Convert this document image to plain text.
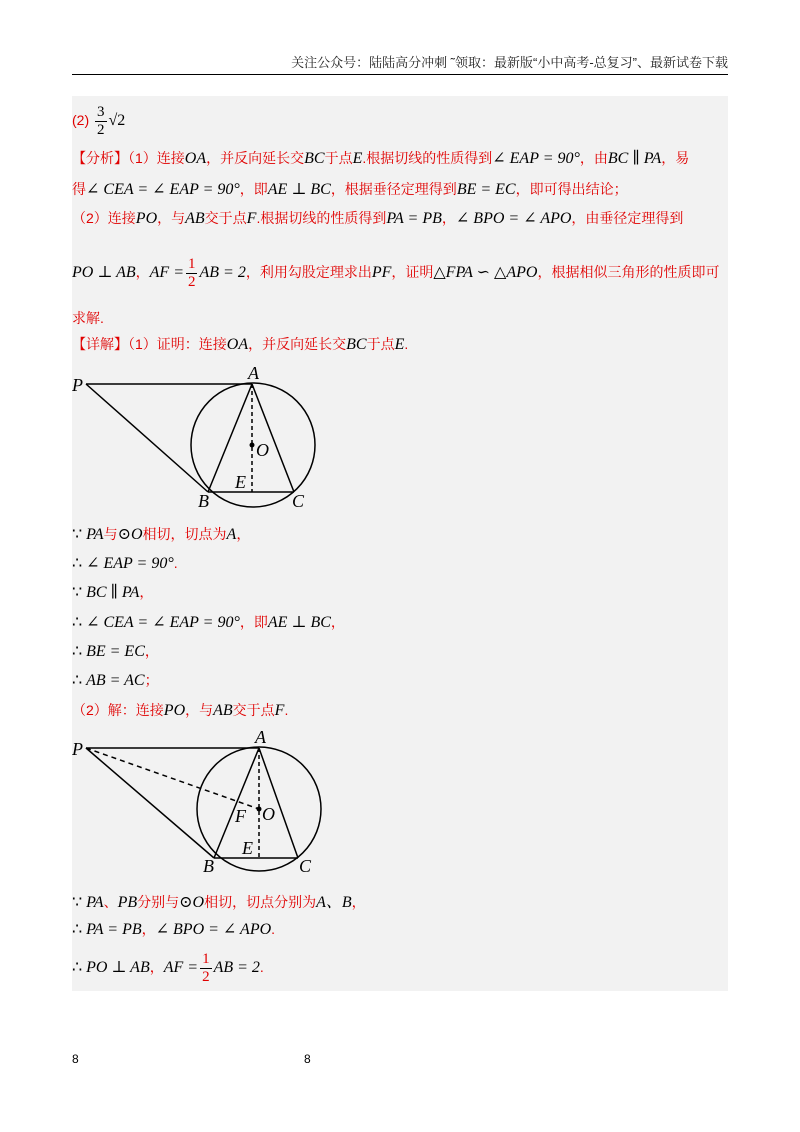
关注公众号：陆陆高分冲刺 ˜领取：最新版“小中高考-总复习”、最新试卷下载
$(2) \frac{3}{2} √2$
【分析】（1）连接OA，并反向延长交BC于点E.根据切线的性质得到∠ EAP = 90°，由BC ∥ PA，易
得∠ CEA = ∠ EAP = 90°，即AE ⊥ BC，根据垂径定理得到BE = EC，即可得出结论；
（2）连接PO，与AB交于点F.根据切线的性质得到PA = PB，∠ BPO = ∠ APO，由垂径定理得到
PO ⊥ AB，AF = $\frac{1}{2}$ AB = 2，利用勾股定理求出PF，证明△FPA ∽ △APO，根据相似三角形的性质即可
求解.
【详解】（1）证明：连接OA，并反向延长交BC于点E.
P
A
O
B
E
C
∵ PA与⊙O相切，切点为A，
∴ ∠ EAP = 90°.
∵ BC ∥ PA，
∴ ∠ CEA = ∠ EAP = 90°，即AE ⊥ BC，
∴ BE = EC，
∴ AB = AC；
（2）解：连接PO，与AB交于点F.
P
A
F O
B
E
C
∵ PA、PB分别与⊙O相切，切点分别为A、B，
∴ PA = PB，∠ BPO = ∠ APO.
∴ PO ⊥ AB，AF = $\frac{1}{2}$ AB = 2.
8	8
